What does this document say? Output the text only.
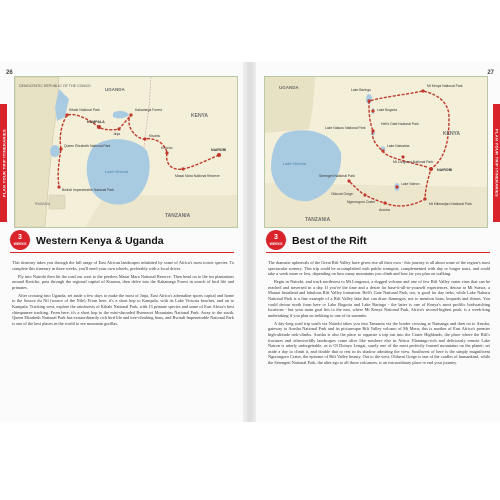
26
PLAN YOUR TRIP ITINERARIES
DEMOCRATIC REPUBLIC OF THE CONGO
UGANDA
KENYA
TANZANIA
RWANDA
Kibale National Park
Queen Elizabeth National Park
Bwindi Impenetrable National Park
KAMPALA
Jinja
Kakamega Forest
Kisumu
Kericho	NAIROBI
Masai Mara National Reserve
Lake Victoria
3
WEEKS Western Kenya & Uganda

This itinerary takes you through the full range of East African landscapes inhabited by some of Africa's most iconic species. To complete this itinerary in three weeks, you'll need your own wheels, preferably with a local driver.

Fly into Nairobi then hit the road out west to the peerless Masai Mara National Reserve. Then head on to the tea plantations around Kericho, pass through the regional capital of Kisumu, then delve into the Kakamega Forest in search of bird life and primates.

After crossing into Uganda, set aside a few days to make the most of Jinja, East Africa's adrenaline sports capital and home to the Source du Nil (source of the Nile). From here, it's a short hop to Kampala, with its Lake Victoria beaches, and on to Kampala. Tracking west, explore the rainforests of Kibale National Park, with 13 primate species and some of East Africa's best chimpanzee tracking. From here, it's a short hop to the mist-shrouded Rwenzori Mountains National Park. Away to the south, Queen Elizabeth National Park has extraordinarily rich bird life and tree-climbing lions, and Bwindi Impenetrable National Park is one of the best places in the world to see mountain gorillas.

27
PLAN YOUR TRIP ITINERARIES
UGANDA
KENYA
TANZANIA
Lake Baringo
Lake Bogoria
Hell's Gate National Park
Lake Naivasha
Lake Nakuru National Park
Mt Longonot National Park
Mt Kenya National Park
NAIROBI
Serengeti National Park
Ngorongoro Crater
Olduvai Gorge
Arusha
Lake Natron
Mt Kilimanjaro National Park
Lake Victoria
3
WEEKS Best of the Rift

The dramatic upheavals of the Great Rift Valley have given rise all their own - this journey is all about some of the region's most spectacular scenery. This trip could be accomplished with public transport, complemented with day or longer tours, and could take a week more or less, depending on how many mountains you climb and how far you plan on walking.

Begin in Nairobi, and track northwest to Mt Longonot, a dogged volcano and one of few Rift Valley crater rims that can be reached and traversed in a day. If you've the time and a desire for base-it-all-to-yourself experiences, detour to Mt Suswa, a Maasai heartland and fabulous Rift Valley formation. Hell's Gate National Park, too, is good for day treks, while Lake Nakuru National Park is a fine example of a Rift Valley lake that can draw flamingos, not to mention lions, leopards and rhinos. You could detour north from here to Lake Bogoria and Lake Baringo - the latter is one of Kenya's most prolific birdwatching locations - but your main goal lies to the east, where Mt Kenya National Park, Africa's second-highest peak, is a week-long undertaking if you plan on trekking to one of its summits.

A day-long road trip south via Nairobi takes you into Tanzania via the border crossing at Namanga and then on to Arusha, gateway to Arusha National Park and its picturesque Rift Valley volcano of Mt Meru; this is another of East Africa's premier high-altitude trek-climbs. Arusha is also the place to organise a trip out into the Crater Highlands, the place where the Rift's fractures and otherworldly landscapes come alive like nowhere else in Africa. Flamingo-rich and deliciously remote Lake Natron is utterly unforgettable, as is Ol Doinyo Lengai, surely one of the most perfectly formed mountains on the planet; set aside a day to climb it, and double that to rest in its shadow admiring the view. Southwest of here is the simply magnificent Ngorongoro Crater, the epitome of Rift Valley beauty. Out to the west, Olduvai Gorge is one of the cradles of humankind, while the Serengeti National Park, the alter ego to all those volcanoes, is an extraordinary place to end your journey.
